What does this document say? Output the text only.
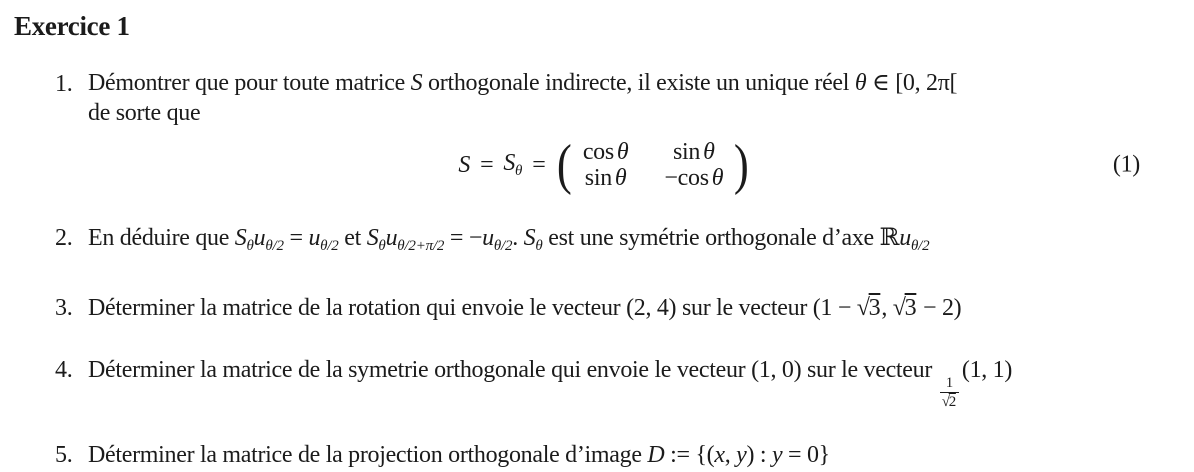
Exercice 1
1. Démontrer que pour toute matrice S orthogonale indirecte, il existe un unique réel θ ∈ [0, 2π[
de sorte que
$S = S_\theta$ = ( cos θ	sin θ
sin θ −cos θ )	(1)
2. En déduire que $S_\theta u_{\theta/2} = u_{\theta/2}$ et $S_\theta u_{\theta/2+\pi/2} = -u_{\theta/2}$. $S_\theta$ est une symétrie orthogonale d’axe ℝu$_{\theta/2}$
3. Déterminer la matrice de la rotation qui envoie le vecteur (2, 4) sur le vecteur (1 − √3, √3 − 2)
4. Déterminer la matrice de la symetrie orthogonale qui envoie le vecteur (1, 0) sur le vecteur
$\frac{1}{√2}$
(1, 1)
5. Déterminer la matrice de la projection orthogonale d’image D := {(x, y) : y = 0}
